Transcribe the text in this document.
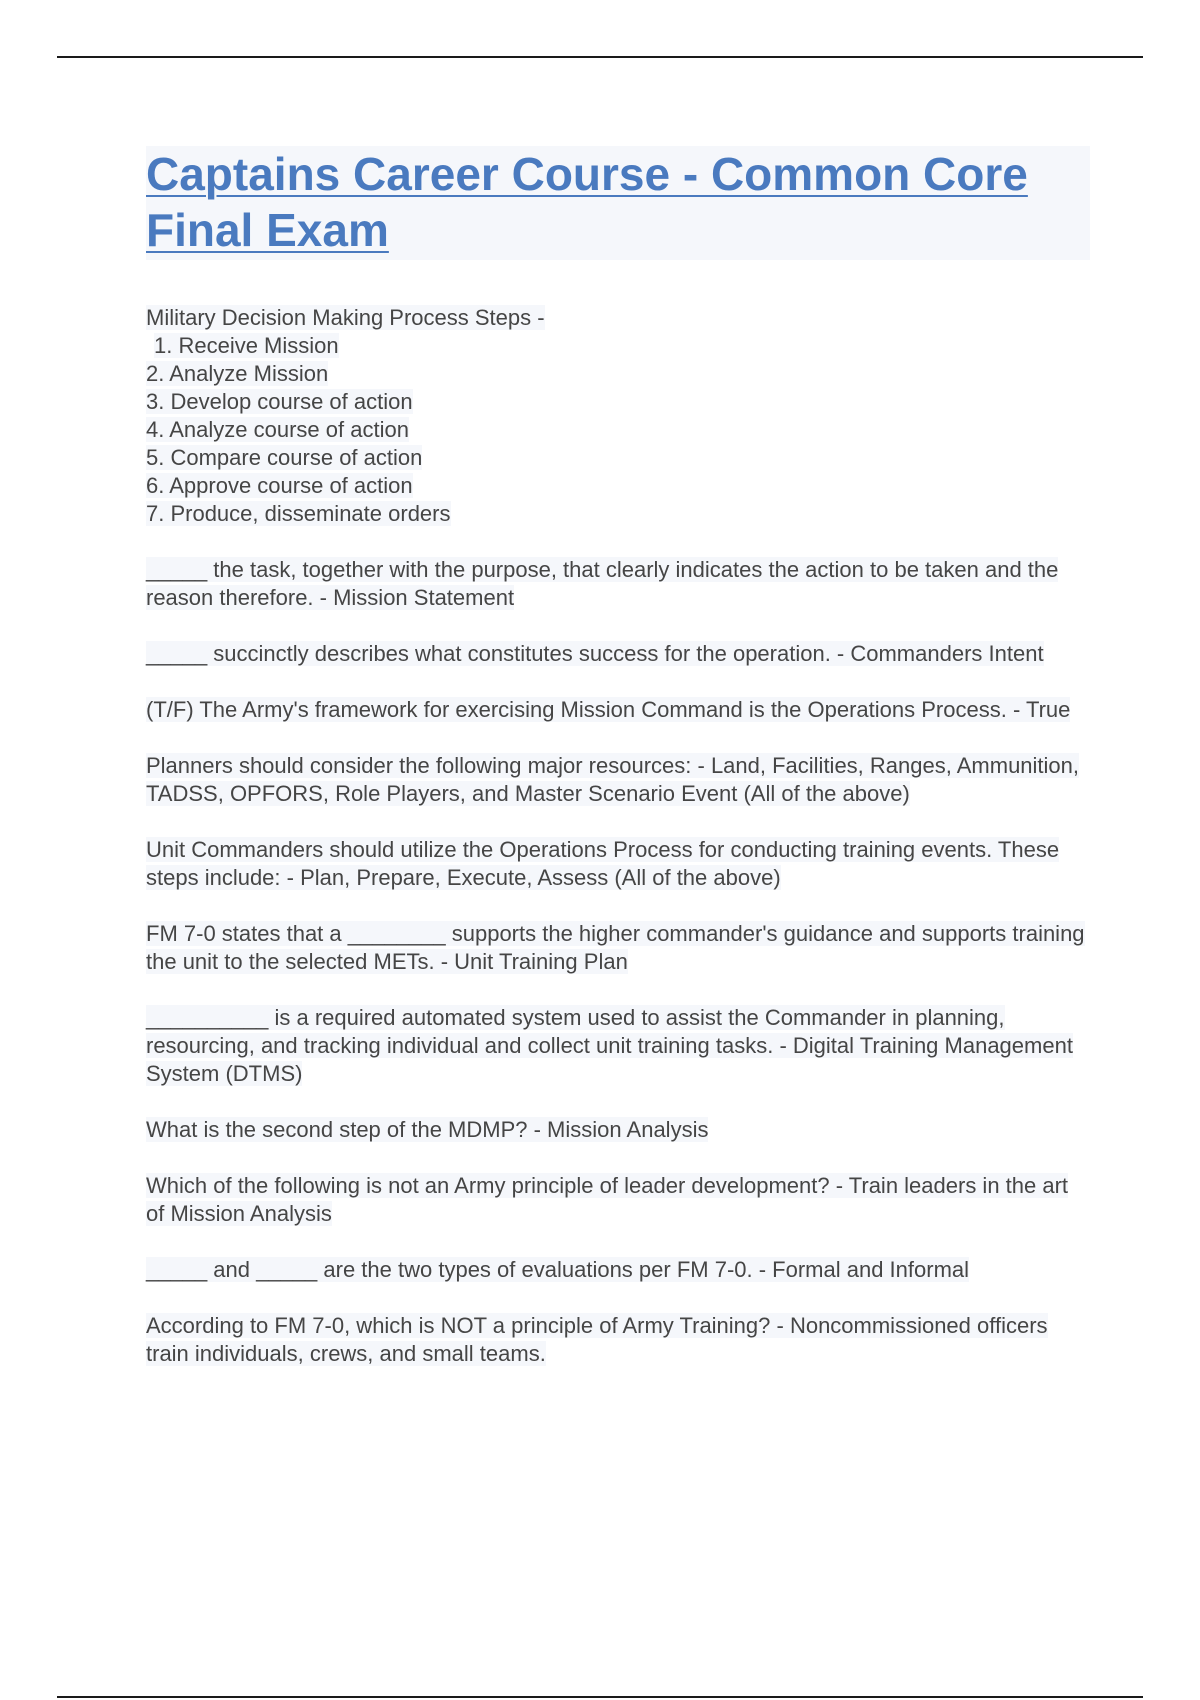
Captains Career Course - Common Core
Final Exam
Military Decision Making Process Steps -
1. Receive Mission
2. Analyze Mission
3. Develop course of action
4. Analyze course of action
5. Compare course of action
6. Approve course of action
7. Produce, disseminate orders
_____ the task, together with the purpose, that clearly indicates the action to be taken and the reason therefore. - Mission Statement
_____ succinctly describes what constitutes success for the operation. - Commanders Intent
(T/F) The Army's framework for exercising Mission Command is the Operations Process. - True
Planners should consider the following major resources: - Land, Facilities, Ranges, Ammunition, TADSS, OPFORS, Role Players, and Master Scenario Event (All of the above)
Unit Commanders should utilize the Operations Process for conducting training events. These steps include: - Plan, Prepare, Execute, Assess (All of the above)
FM 7-0 states that a ________ supports the higher commander's guidance and supports training the unit to the selected METs. - Unit Training Plan
__________ is a required automated system used to assist the Commander in planning, resourcing, and tracking individual and collect unit training tasks. - Digital Training Management System (DTMS)
What is the second step of the MDMP? - Mission Analysis
Which of the following is not an Army principle of leader development? - Train leaders in the art of Mission Analysis
_____ and _____ are the two types of evaluations per FM 7-0. - Formal and Informal
According to FM 7-0, which is NOT a principle of Army Training? - Noncommissioned officers train individuals, crews, and small teams.
